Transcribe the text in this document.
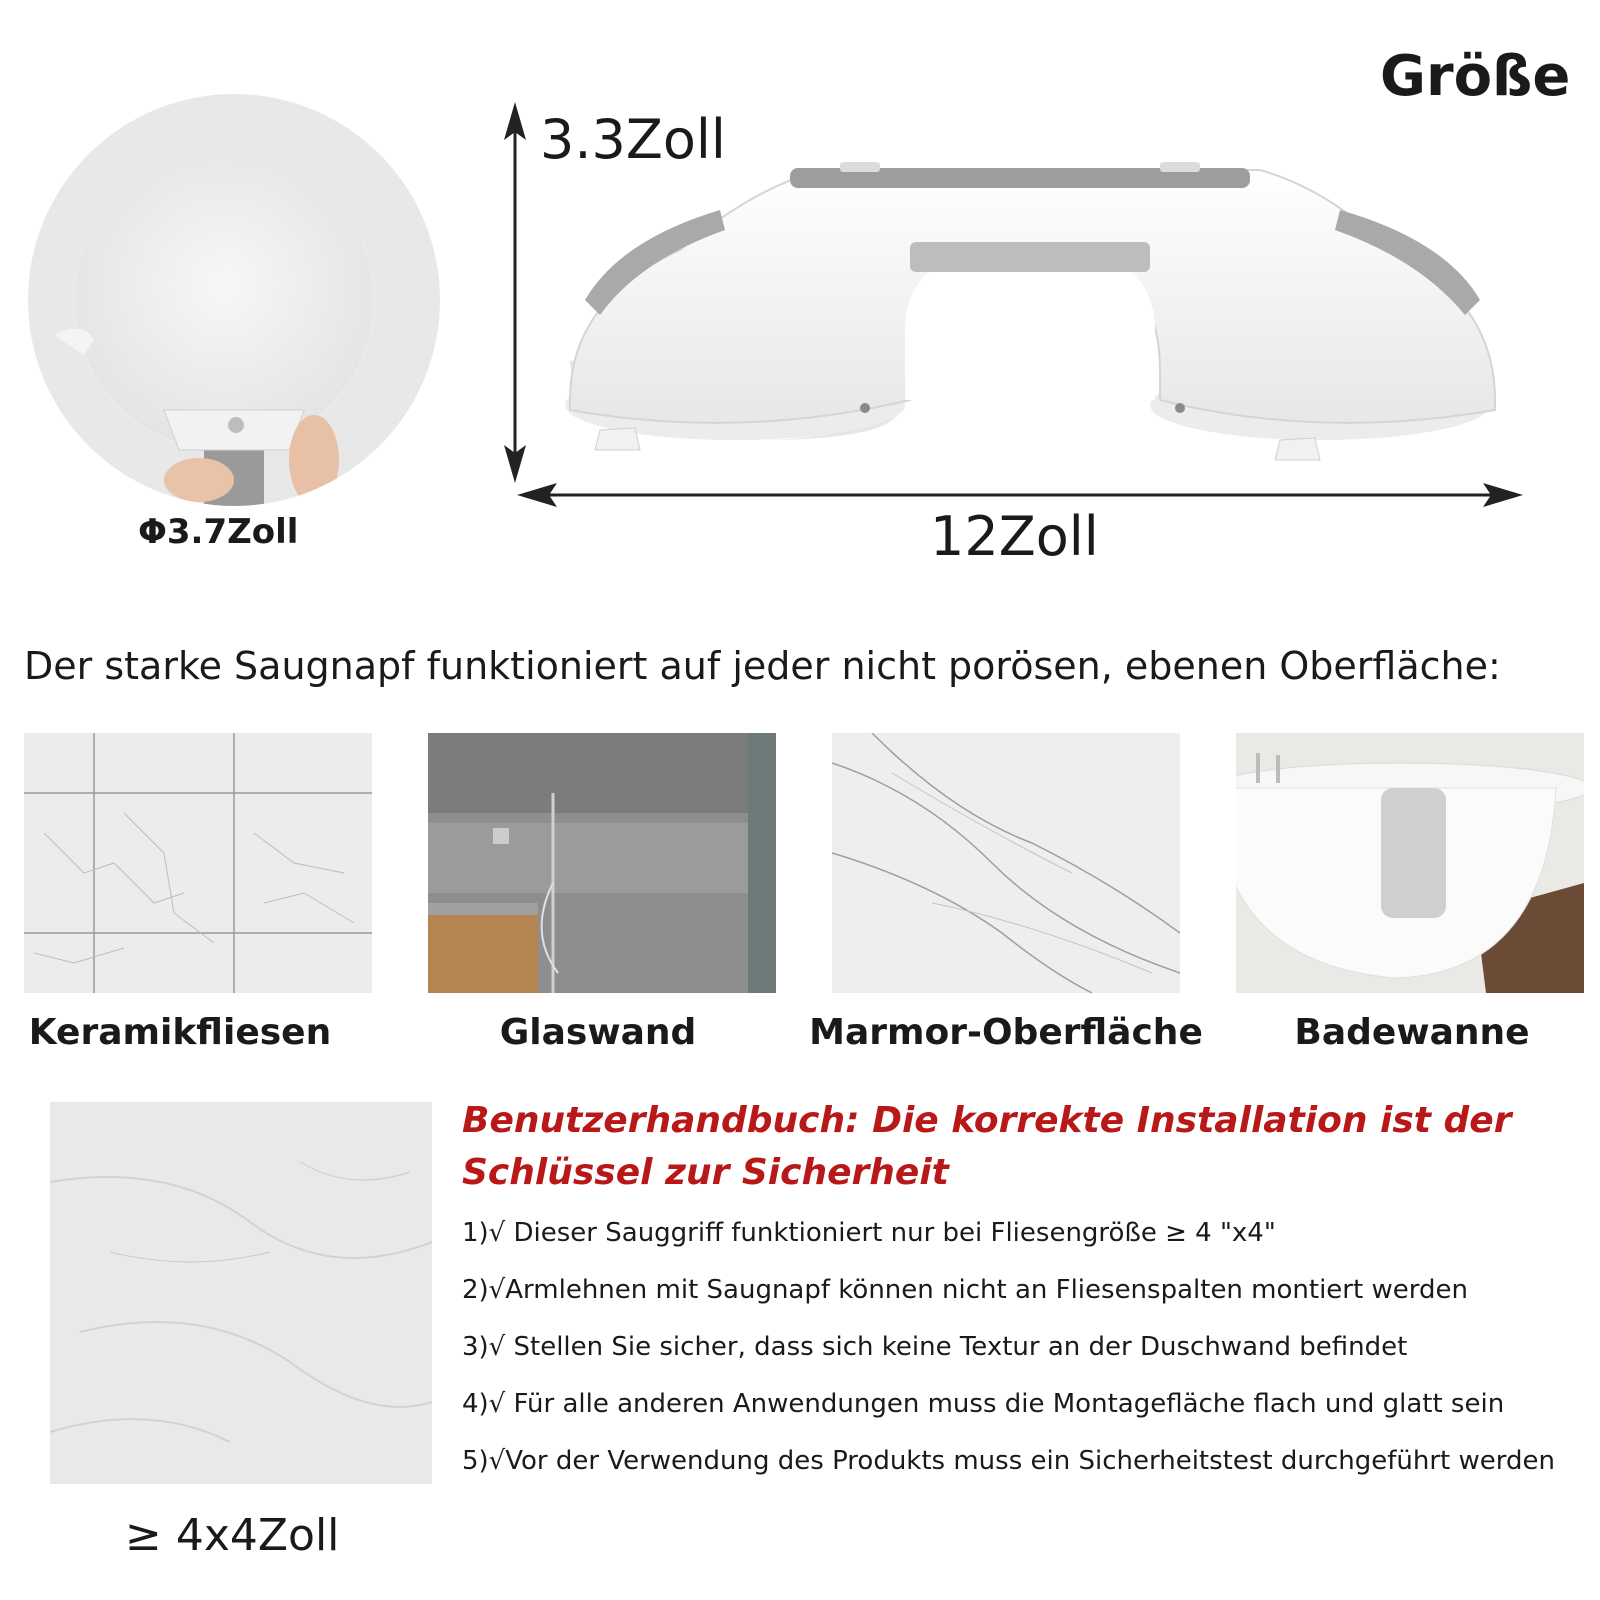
Größe
Φ3.7Zoll
3.3Zoll
12Zoll
Der starke Saugnapf funktioniert auf jeder nicht porösen, ebenen Oberfläche:
Keramikfliesen	Glaswand	Marmor-Oberfläche	Badewanne
≥ 4x4Zoll
Benutzerhandbuch: Die korrekte Installation ist der Schlüssel zur Sicherheit
1)√ Dieser Sauggriff funktioniert nur bei Fliesengröße ≥ 4 "x4"
2)√Armlehnen mit Saugnapf können nicht an Fliesenspalten montiert werden
3)√ Stellen Sie sicher, dass sich keine Textur an der Duschwand befindet
4)√ Für alle anderen Anwendungen muss die Montagefläche flach und glatt sein
5)√Vor der Verwendung des Produkts muss ein Sicherheitstest durchgeführt werden
